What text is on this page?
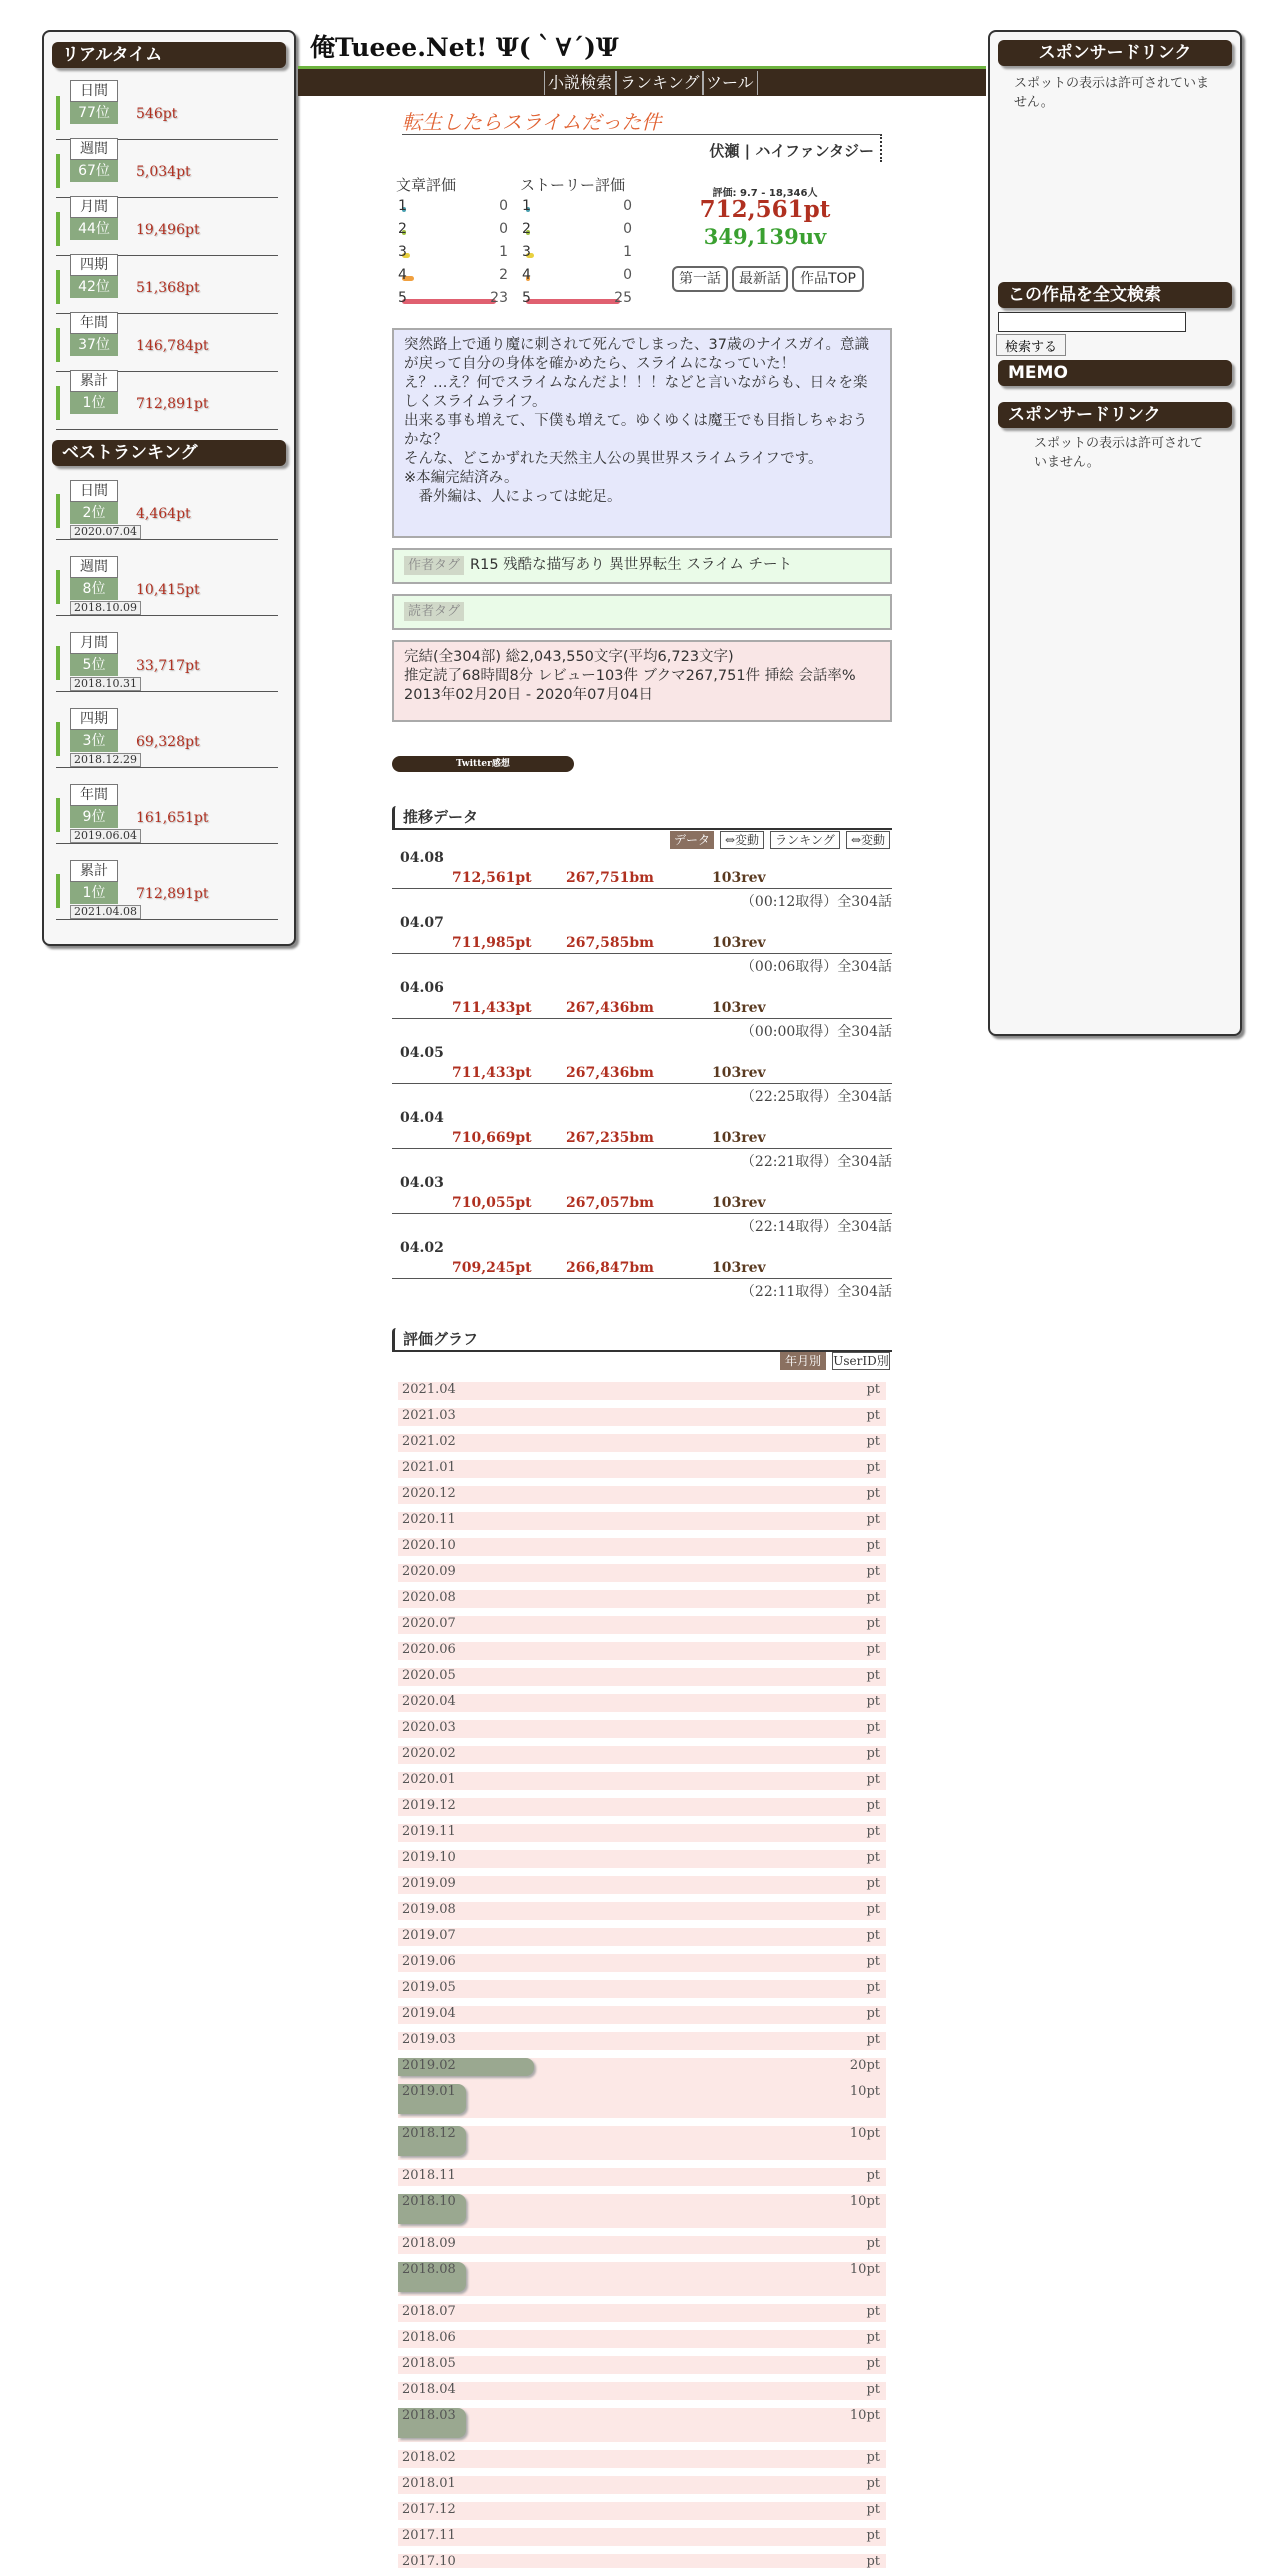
リアルタイム
ベストランキング
日間
77位	546pt
週間
67位	5,034pt
月間
44位	19,496pt
四期
42位	51,368pt
年間
37位	146,784pt
累計
1位	712,891pt
日間
2位	4,464pt
2020.07.04
週間
8位	10,415pt
2018.10.09
月間
5位	33,717pt
2018.10.31
四期
3位	69,328pt
2018.12.29
年間
9位	161,651pt
2019.06.04
累計
1位	712,891pt
2021.04.08
俺Tueee.Net! Ψ(｀∀´)Ψ
小説検索 ランキング ツール
転生したらスライムだった件
伏瀬 | ハイファンタジー
文章評価	ストーリー評価
1	0
2	0
3	1
4	2
5	23
1	0
2	0
3	1
4	0
5	25
評価: 9.7 - 18,346人
712,561pt
349,139uv
第一話	最新話	作品TOP
突然路上で通り魔に刺されて死んでしまった、37歳のナイスガイ。意識が戻って自分の身体を確かめたら、スライムになっていた！
え？…え？何でスライムなんだよ！！！などと言いながらも、日々を楽しくスライムライフ。
出来る事も増えて、下僕も増えて。ゆくゆくは魔王でも目指しちゃおうかな？
そんな、どこかずれた天然主人公の異世界スライムライフです。
※本編完結済み。
　番外編は、人によっては蛇足。
作者タグ R15 残酷な描写あり 異世界転生 スライム チート
読者タグ
完結(全304部) 総2,043,550文字(平均6,723文字)
推定読了68時間8分 レビュー103件 ブクマ267,751件 挿絵 会話率%
2013年02月20日 - 2020年07月04日
Twitter感想
推移データ
データ	⇔変動	ランキング	⇔変動
04.08
712,561pt 267,751bm	103rev
（00:12取得）全304話
04.07
711,985pt 267,585bm	103rev
（00:06取得）全304話
04.06
711,433pt 267,436bm	103rev
（00:00取得）全304話
04.05
711,433pt 267,436bm	103rev
（22:25取得）全304話
04.04
710,669pt 267,235bm	103rev
（22:21取得）全304話
04.03
710,055pt 267,057bm	103rev
（22:14取得）全304話
04.02
709,245pt 266,847bm	103rev
（22:11取得）全304話
評価グラフ
年月別	UserID別
2021.04	pt
2021.03	pt
2021.02	pt
2021.01	pt
2020.12	pt
2020.11	pt
2020.10	pt
2020.09	pt
2020.08	pt
2020.07	pt
2020.06	pt
2020.05	pt
2020.04	pt
2020.03	pt
2020.02	pt
2020.01	pt
2019.12	pt
2019.11	pt
2019.10	pt
2019.09	pt
2019.08	pt
2019.07	pt
2019.06	pt
2019.05	pt
2019.04	pt
2019.03	pt
2019.02	20pt
2019.01	10pt
2018.12	10pt
2018.11	pt
2018.10	10pt
2018.09	pt
2018.08	10pt
2018.07	pt
2018.06	pt
2018.05	pt
2018.04	pt
2018.03	10pt
2018.02	pt
2018.01	pt
2017.12	pt
2017.11	pt
2017.10	pt
スポンサードリンク
スポットの表示は許可されていません。
この作品を全文検索
検索する
MEMO
スポンサードリンク
スポットの表示は許可されていません。
